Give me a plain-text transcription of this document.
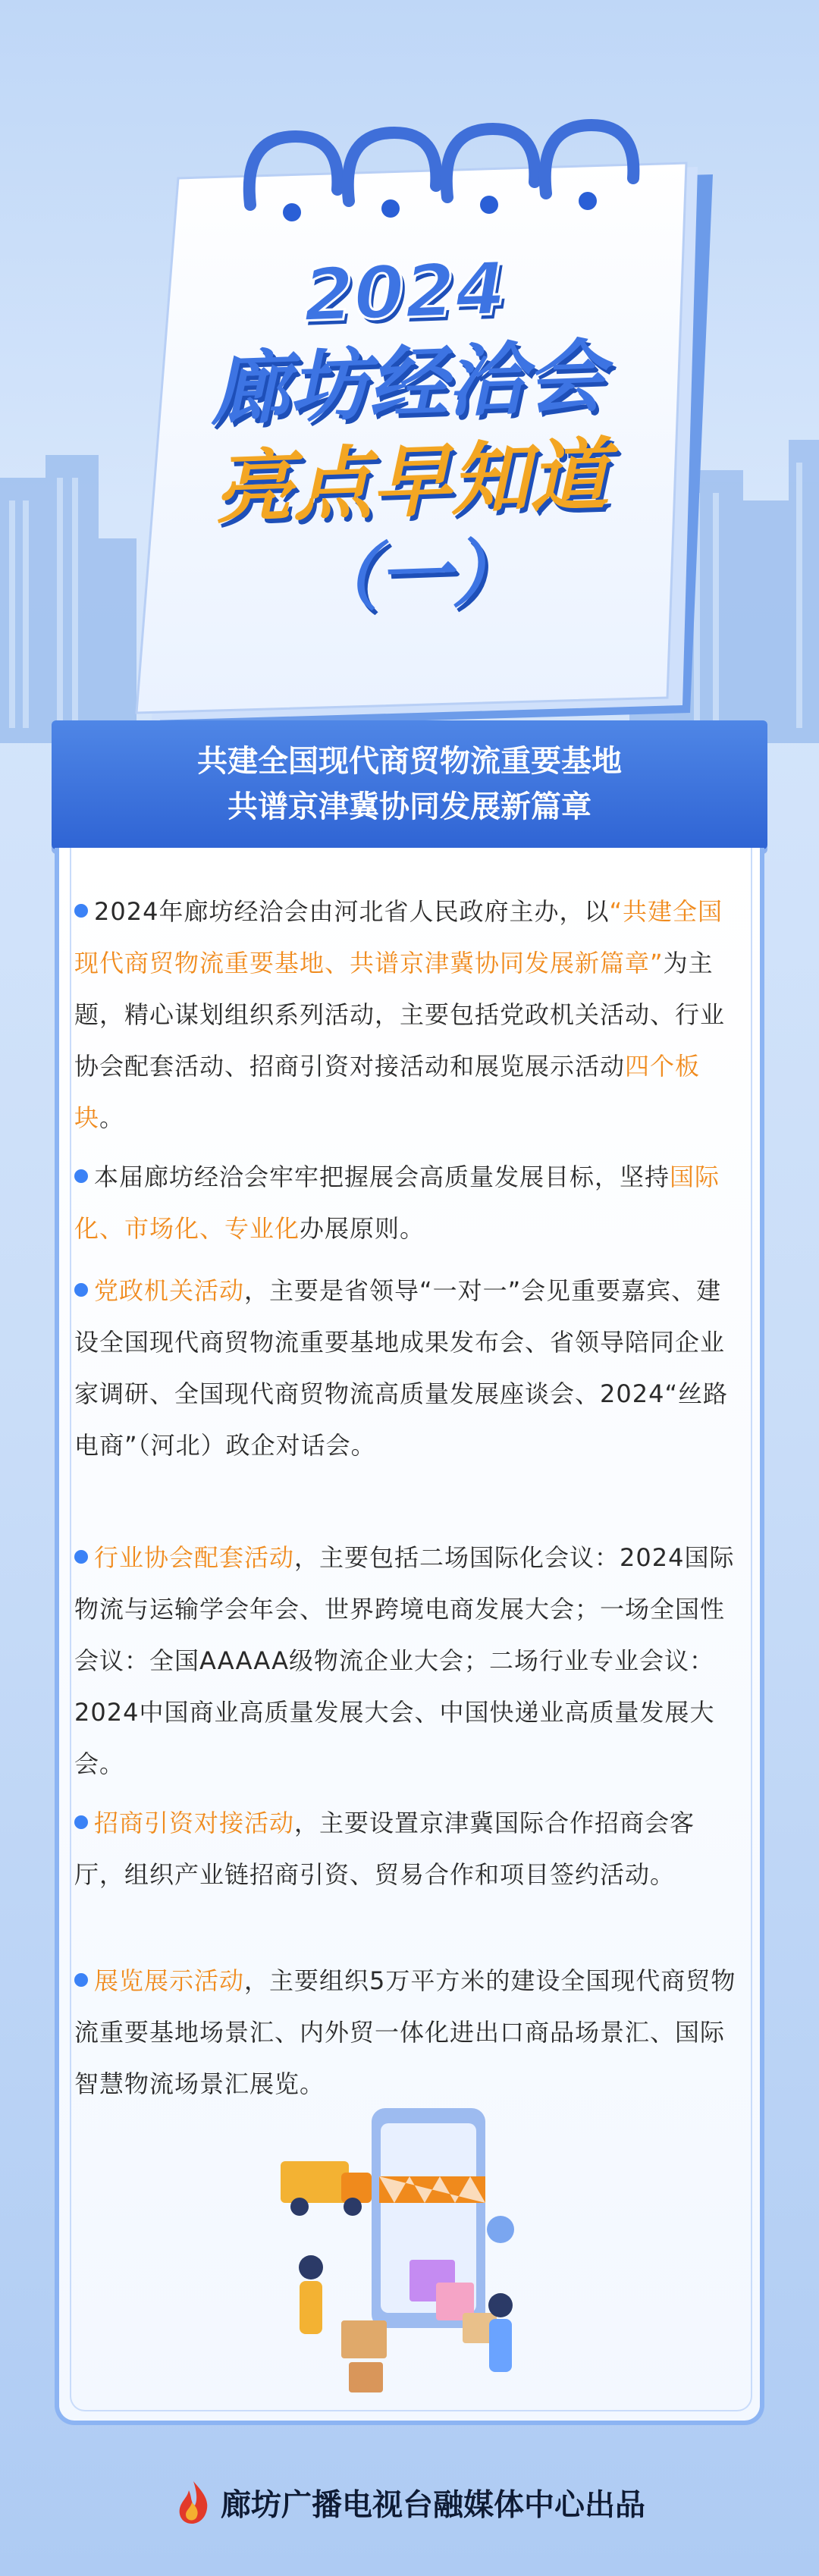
2024
廊坊经洽会
亮点早知道
（一）
共建全国现代商贸物流重要基地
共谱京津冀协同发展新篇章
2024年廊坊经洽会由河北省人民政府主办，以“共建全国现代商贸物流重要基地、共谱京津冀协同发展新篇章”为主题，精心谋划组织系列活动，主要包括党政机关活动、行业协会配套活动、招商引资对接活动和展览展示活动四个板块。
本届廊坊经洽会牢牢把握展会高质量发展目标，坚持国际化、市场化、专业化办展原则。
党政机关活动，主要是省领导“一对一”会见重要嘉宾、建设全国现代商贸物流重要基地成果发布会、省领导陪同企业家调研、全国现代商贸物流高质量发展座谈会、2024“丝路电商”（河北）政企对话会。
行业协会配套活动，主要包括二场国际化会议：2024国际物流与运输学会年会、世界跨境电商发展大会；一场全国性会议：全国AAAAA级物流企业大会；二场行业专业会议：2024中国商业高质量发展大会、中国快递业高质量发展大会。
招商引资对接活动，主要设置京津冀国际合作招商会客厅，组织产业链招商引资、贸易合作和项目签约活动。
展览展示活动，主要组织5万平方米的建设全国现代商贸物流重要基地场景汇、内外贸一体化进出口商品场景汇、国际智慧物流场景汇展览。
廊坊广播电视台融媒体中心出品
